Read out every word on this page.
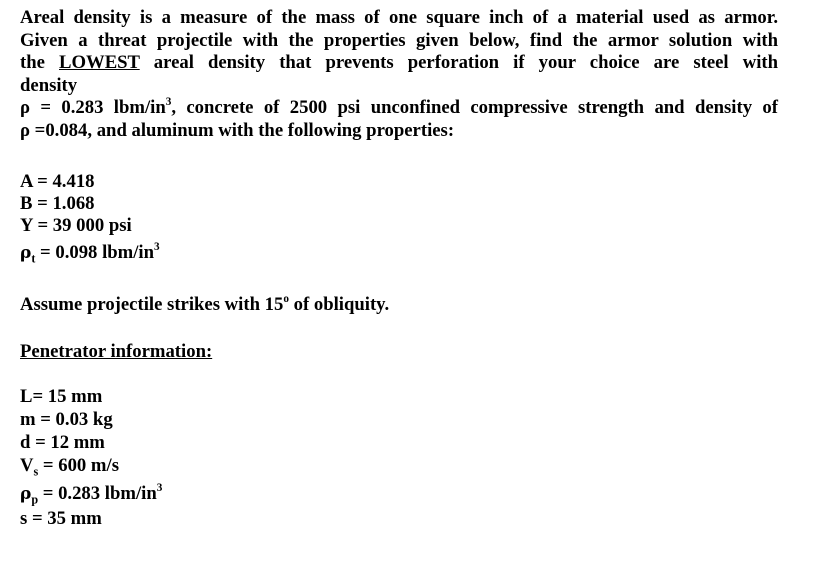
Areal density is a measure of the mass of one square inch of a material used as armor.
Given a threat projectile with the properties given below, find the armor solution with
the LOWEST areal density that prevents perforation if your choice are steel with
density
ρ = 0.283 lbm/$in^3$, concrete of 2500 psi unconfined compressive strength and density of
ρ =0.084, and aluminum with the following properties:
A = 4.418
B = 1.068
Y = 39 000 psi
$\rho_t = 0.098$ lbm/$in^3$
Assume projectile strikes with 15$^o$ of obliquity.
Penetrator information:
L= 15 mm
m = 0.03 kg
d = 12 mm
$V_s = 600$ m/s
$\rho_p = 0.283$ lbm/$in^3$
s = 35 mm
